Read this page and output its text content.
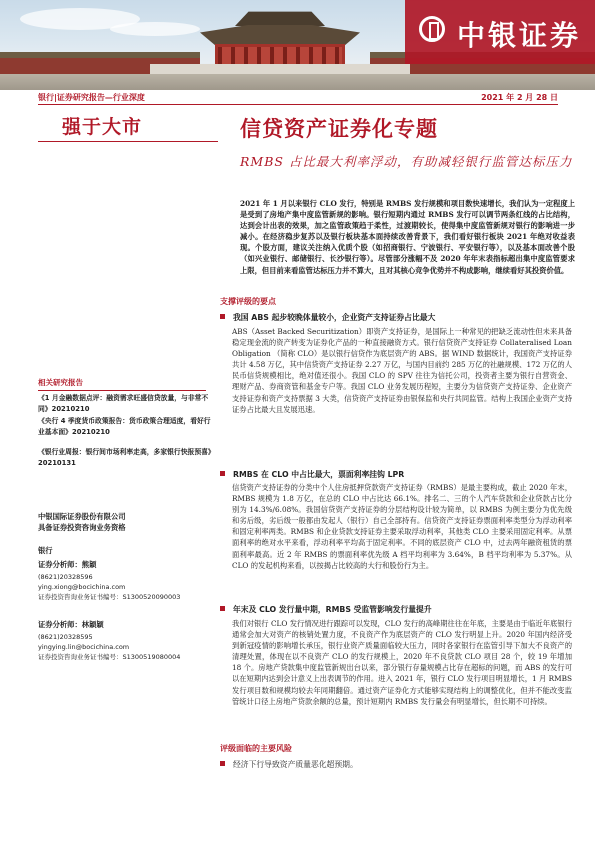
中银证券
银行|证券研究报告—行业深度	2021 年 2 月 28 日
强于大市	信贷资产证券化专题
RMBS 占比最大利率浮动，有助减轻银行监管达标压力
2021 年 1 月以来银行 CLO 发行，特别是 RMBS 发行规模和项目数快速增长，我们认为一定程度上是受到了房地产集中度监管新规的影响。银行短期内通过 RMBS 发行可以调节两条红线的占比结构，达到会计出表的效果，加之监管政策趋于柔性，过渡期较长，使得集中度监管新规对银行的影响进一步减小。在经济稳步复苏以及银行板块基本面持续改善背景下，我们看好银行板块 2021 年绝对收益表现。个股方面，建议关注纳入优质个股（如招商银行、宁波银行、平安银行等），以及基本面改善个股（如兴业银行、邮储银行、长沙银行等）。尽管部分涨幅不及 2020 年年末表指标超出集中度监管要求上限，但目前来看监管达标压力并不算大，且对其核心竞争优势并不构成影响，继续看好其投资价值。
支撑评级的要点
我国 ABS 起步较晚体量较小，企业资产支持证券占比最大
ABS（Asset Backed Securitization）即资产支持证券，是国际上一种常见的把缺乏流动性但未来具备稳定现金流的资产转变为证券化产品的一种直接融资方式。银行信贷资产支持证券 Collateralised Loan Obligation （简称 CLO）是以银行信贷作为底层资产的 ABS。据 WIND 数据统计，我国资产支持证券共计 4.58 万亿，其中信贷资产支持证券 2.27 万亿，与国内目前约 285 万亿的社融规模、172 万亿的人民币信贷规模相比，绝对值还很小。我国 CLO 的 SPV 往往为信托公司，投资者主要为银行自营资金、理财产品、券商资管和基金专户等。我国 CLO 业务发展历程短，主要分为信贷资产支持证券、企业资产支持证券和资产支持票据 3 大类，信贷资产支持证券由银保监和央行共同监管。结构上我国企业资产支持证券占比最大且发展迅速。
RMBS 在 CLO 中占比最大，票面利率挂钩 LPR
信贷资产支持证券的分类中个人住房抵押贷款资产支持证券（RMBS）是最主要构成，截止 2020 年末，RMBS 规模为 1.8 万亿，在总的 CLO 中占比达 66.1%。排名二、三的个人汽车贷款和企业贷款占比分别为 14.3%/6.08%。我国信贷资产支持证券的分层结构设计较为简单，以 RMBS 为例主要分为优先级和劣后级，劣后级一般都由发起人（银行）自己全部持有。信贷资产支持证券票面利率类型分为浮动利率和固定利率两类。RMBS 和企业贷款支持证券主要采取浮动利率，其他类 CLO 主要采用固定利率。从票面利率的绝对水平来看，浮动利率平均高于固定利率。不同的底层资产 CLO 中，过去两年融资租赁的票面利率最高。近 2 年 RMBS 的票面利率优先级 A 档平均利率为 3.64%，B 档平均利率为 5.37%。从 CLO 的发起机构来看，以按揭占比较高的大行和股份行为主。
年末及 CLO 发行量中期，RMBS 受监管影响发行量提升
我们对银行 CLO 发行情况进行跟踪可以发现，CLO 发行的高峰期往往在年底，主要是由于临近年底银行通常会加大对资产的核销处置力度，不良资产作为底层资产的 CLO 发行明显上升。2020 年国内经济受到新冠疫情的影响增长承压，银行业资产质量面临较大压力，同时各家银行在监管引导下加大不良资产的清理处置，体现在以不良资产 CLO 的发行规模上，2020 年不良贷款 CLO 项目 28 个，较 19 年增加 18 个。房地产贷款集中度监管新规出台以来，部分银行存量规模占比存在超标的问题，而 ABS 的发行可以在短期内达到会计意义上出表调节的作用。进入 2021 年，银行 CLO 发行项目明显增长，1 月 RMBS 发行项目数和规模均较去年同期翻倍。通过资产证券化方式能够实现结构上的调整优化，但并不能改变监管统计口径上房地产贷款余额的总量，预计短期内 RMBS 发行量会有明显增长，但长期不可持续。
评级面临的主要风险
经济下行导致资产质量恶化超预期。
相关研究报告
《1 月金融数据点评：融资需求旺盛信贷放量，与非常不同》20210210
《央行 4 季度货币政策报告：货币政策合理适度，看好行业基本面》20210210
《银行业周报：银行间市场利率走高，多家银行快报预喜》20210131
中银国际证券股份有限公司
具备证券投资咨询业务资格
银行
证券分析师：熊颖
(8621)20328596
ying.xiong@bocichina.com
证券投资咨询业务证书编号：S1300520090003
证券分析师：林颖颖
(8621)20328595
yingying.lin@bocichina.com
证券投资咨询业务证书编号：S1300519080004
